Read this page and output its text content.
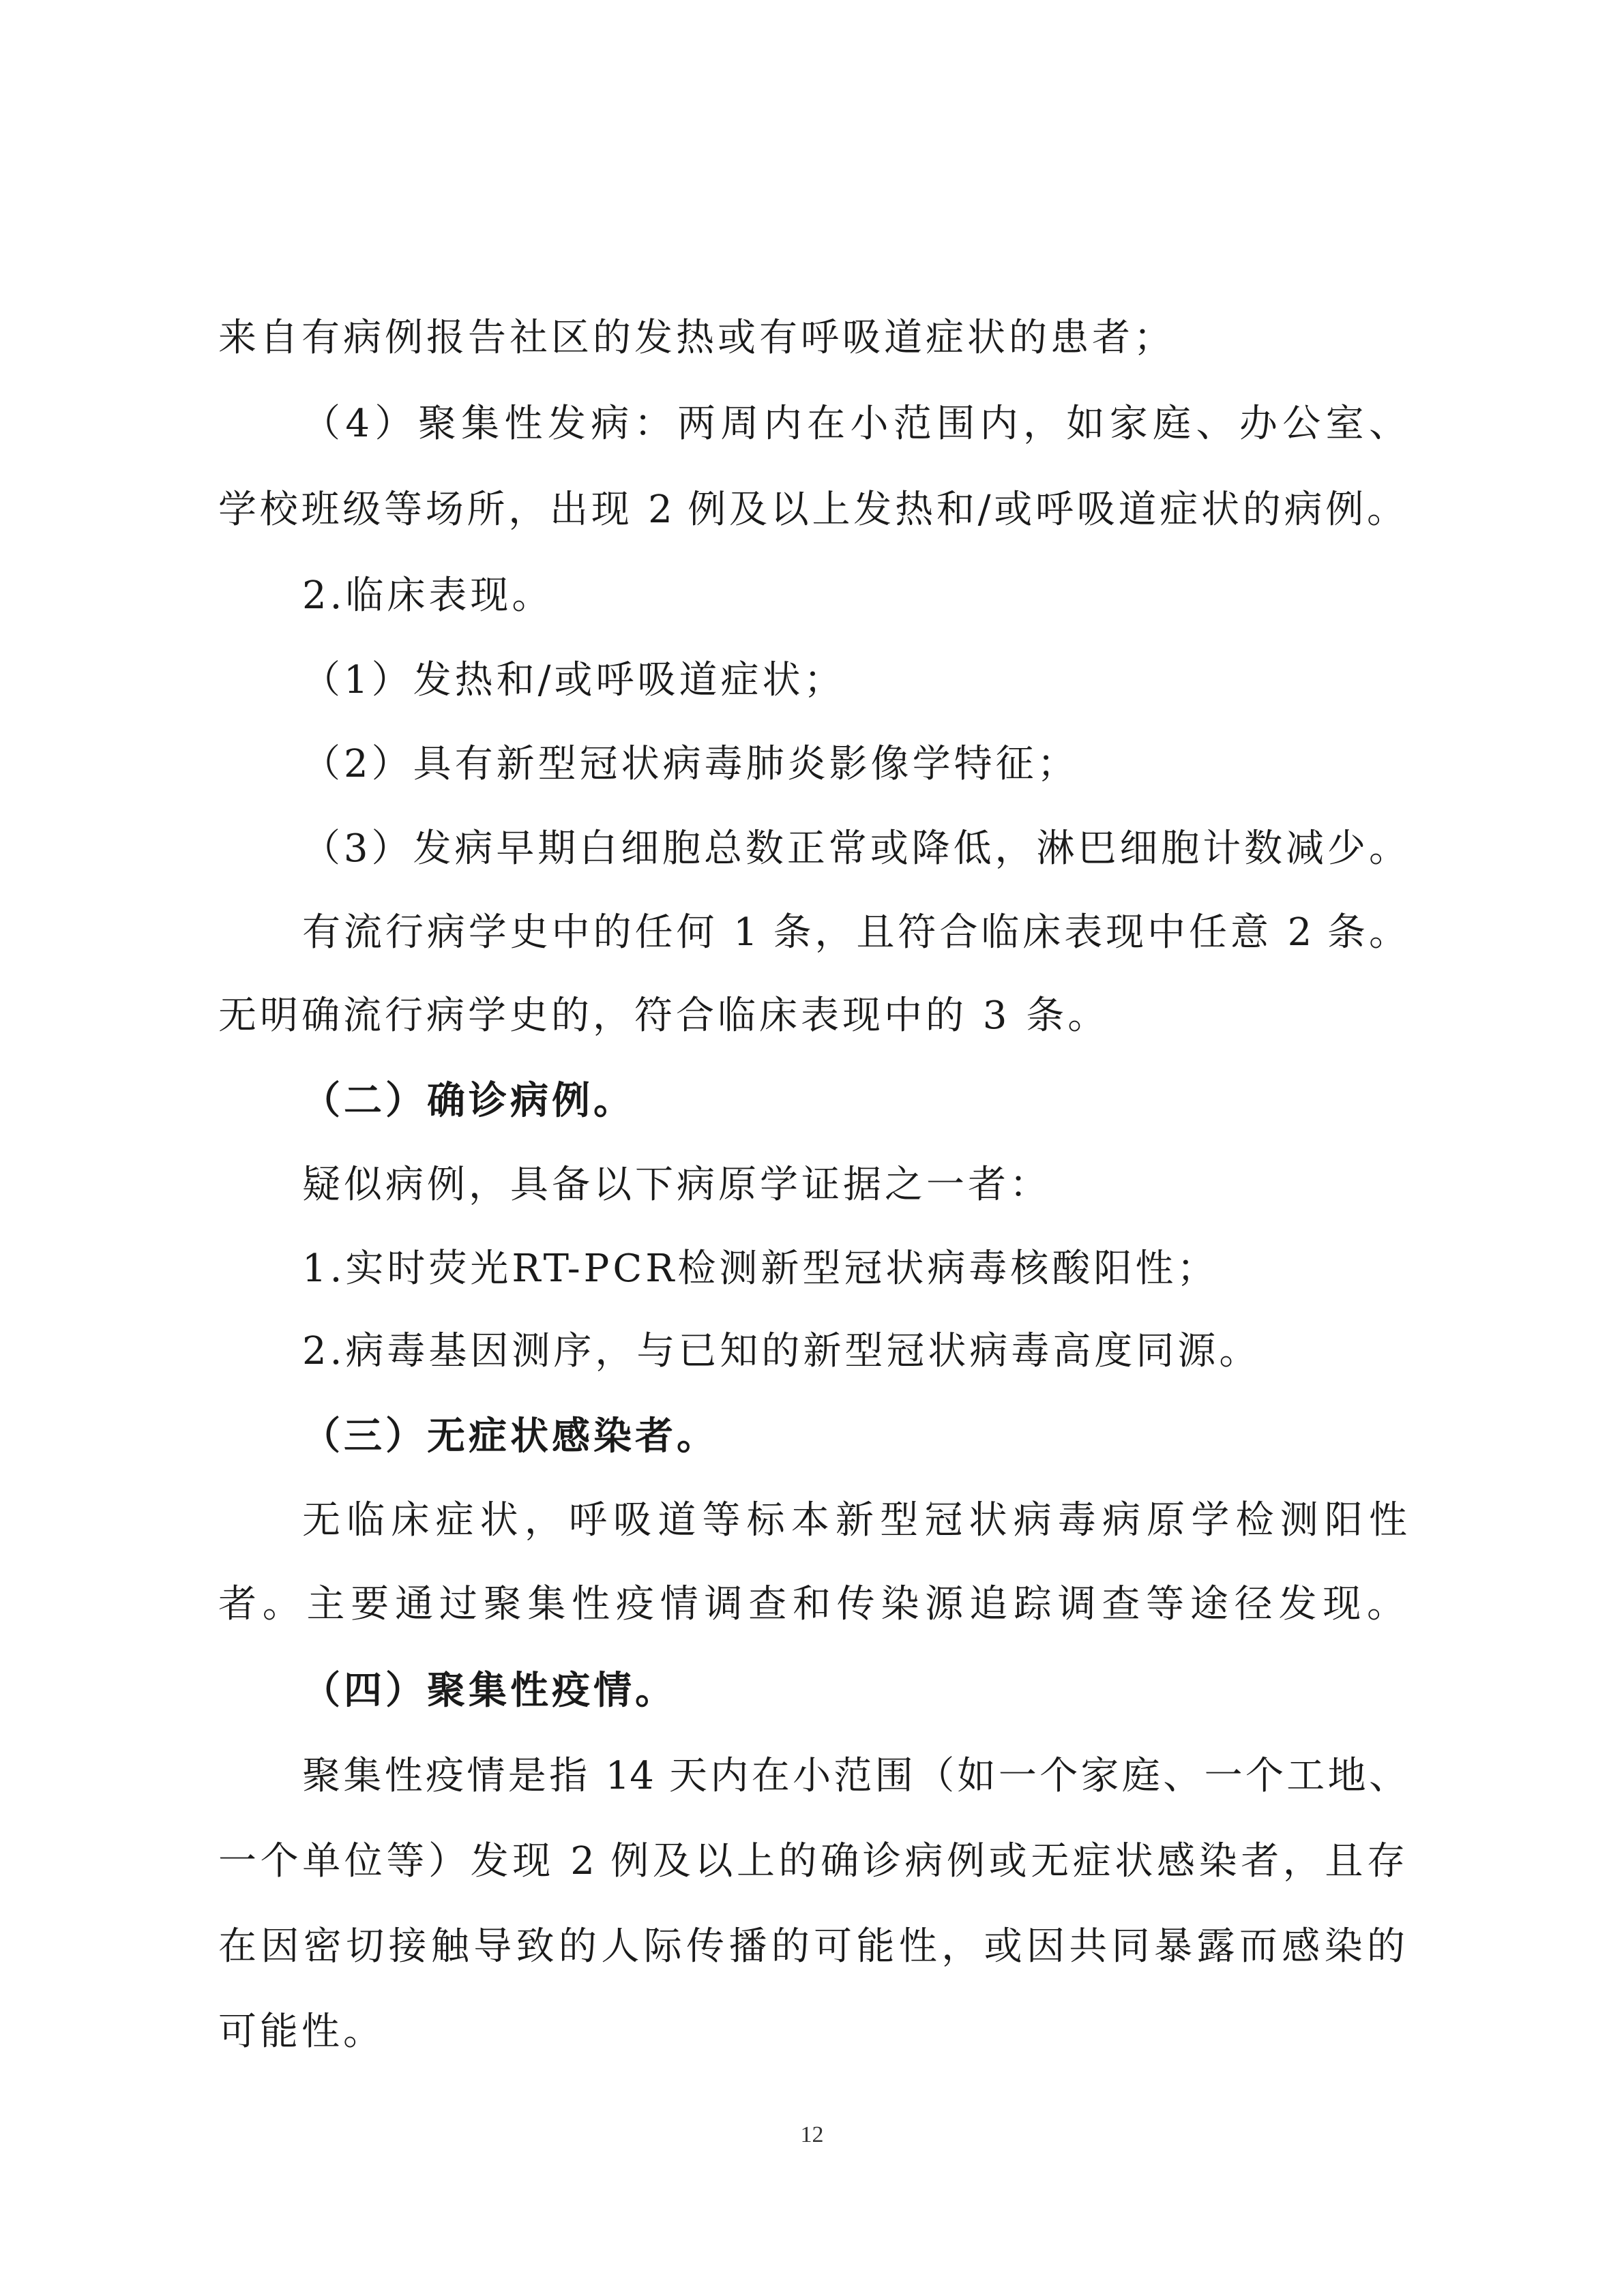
来自有病例报告社区的发热或有呼吸道症状的患者；
（4）聚集性发病：两周内在小范围内，如家庭、办公室、
学校班级等场所，出现 2 例及以上发热和/或呼吸道症状的病例。
2.临床表现。
（1）发热和/或呼吸道症状；
（2）具有新型冠状病毒肺炎影像学特征；
（3）发病早期白细胞总数正常或降低，淋巴细胞计数减少。
有流行病学史中的任何 1 条，且符合临床表现中任意 2 条。
无明确流行病学史的，符合临床表现中的 3 条。
（二）确诊病例。
疑似病例，具备以下病原学证据之一者：
1.实时荧光RT-PCR检测新型冠状病毒核酸阳性；
2.病毒基因测序，与已知的新型冠状病毒高度同源。
（三）无症状感染者。
无临床症状，呼吸道等标本新型冠状病毒病原学检测阳性
者。主要通过聚集性疫情调查和传染源追踪调查等途径发现。
（四）聚集性疫情。
聚集性疫情是指 14 天内在小范围（如一个家庭、一个工地、
一个单位等）发现 2 例及以上的确诊病例或无症状感染者，且存
在因密切接触导致的人际传播的可能性，或因共同暴露而感染的
可能性。
12
